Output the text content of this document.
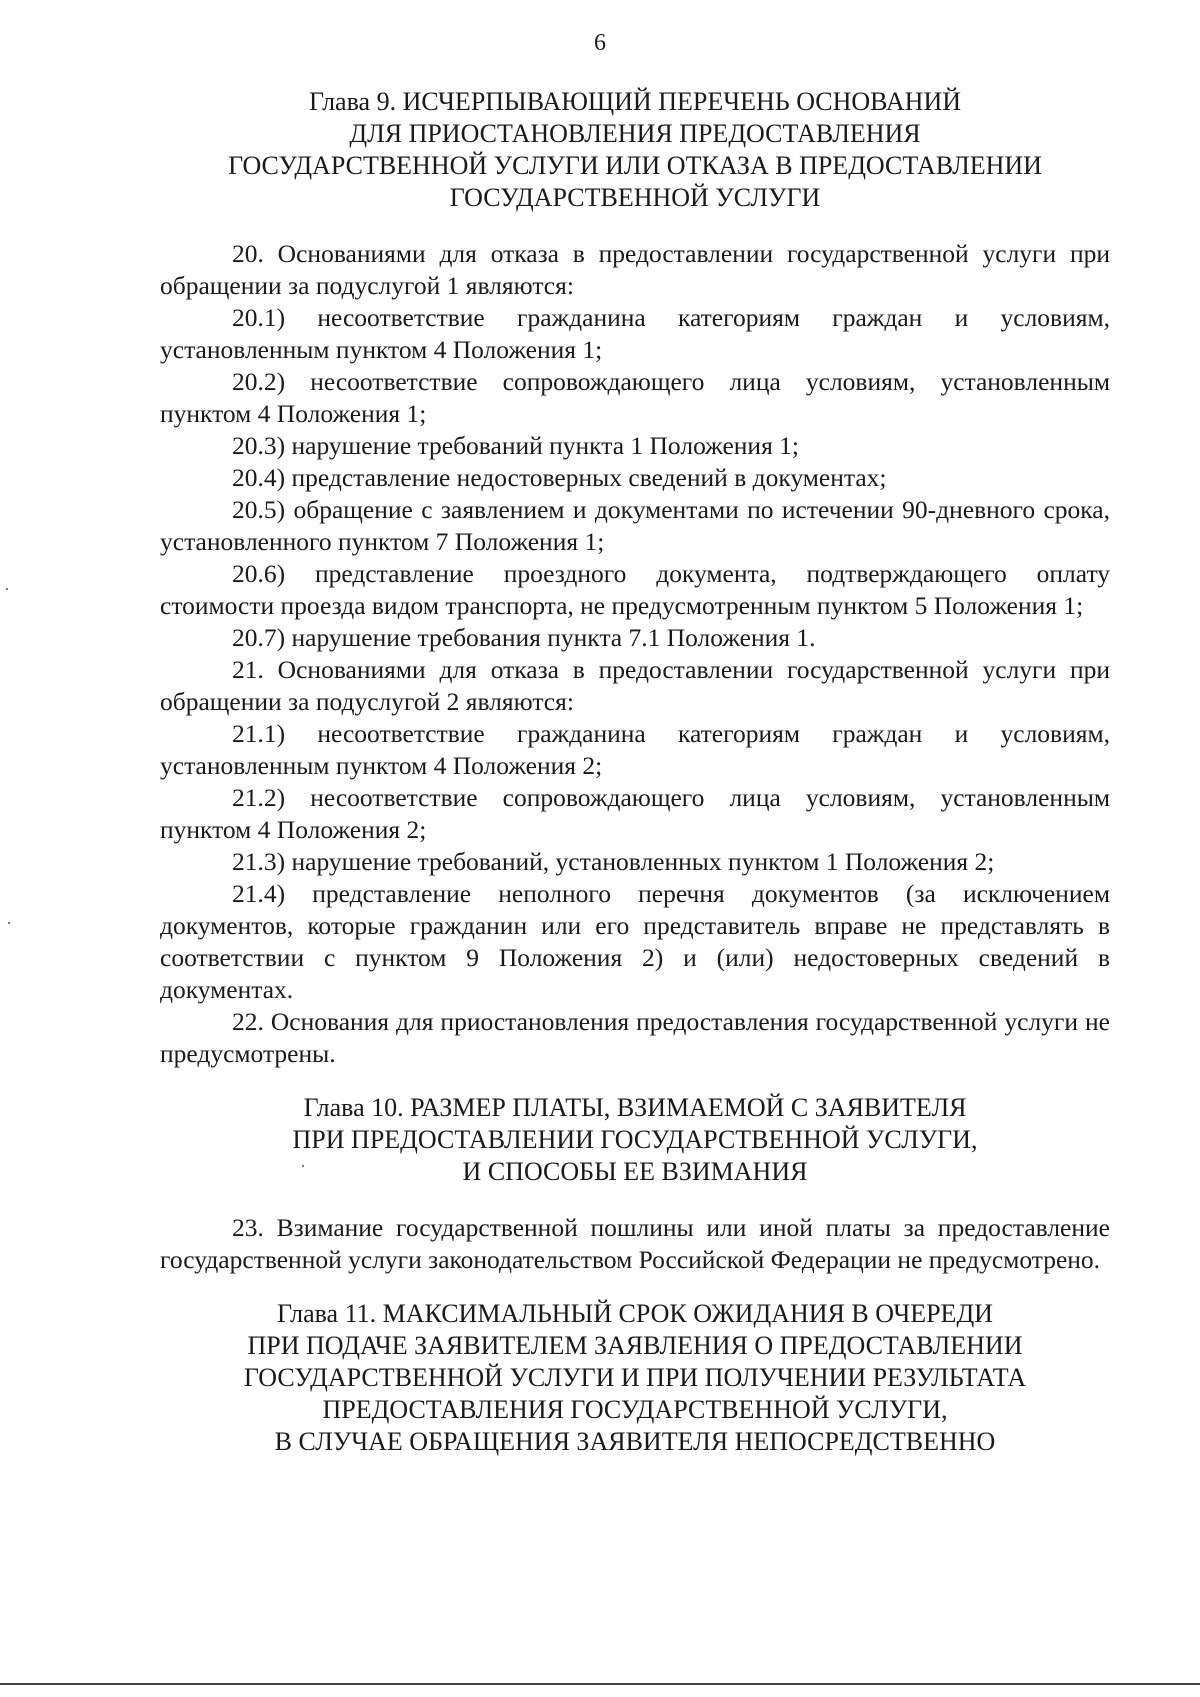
6
Глава 9. ИСЧЕРПЫВАЮЩИЙ ПЕРЕЧЕНЬ ОСНОВАНИЙ
ДЛЯ ПРИОСТАНОВЛЕНИЯ ПРЕДОСТАВЛЕНИЯ
ГОСУДАРСТВЕННОЙ УСЛУГИ ИЛИ ОТКАЗА В ПРЕДОСТАВЛЕНИИ
ГОСУДАРСТВЕННОЙ УСЛУГИ

20. Основаниями для отказа в предоставлении государственной услуги при обращении за подуслугой 1 являются:

20.1) несоответствие гражданина категориям граждан и условиям, установленным пунктом 4 Положения 1;

20.2) несоответствие сопровождающего лица условиям, установленным пунктом 4 Положения 1;

20.3) нарушение требований пункта 1 Положения 1;

20.4) представление недостоверных сведений в документах;

20.5) обращение с заявлением и документами по истечении 90-дневного срока, установленного пунктом 7 Положения 1;

20.6) представление проездного документа, подтверждающего оплату стоимости проезда видом транспорта, не предусмотренным пунктом 5 Положения 1;

20.7) нарушение требования пункта 7.1 Положения 1.

21. Основаниями для отказа в предоставлении государственной услуги при обращении за подуслугой 2 являются:

21.1) несоответствие гражданина категориям граждан и условиям, установленным пунктом 4 Положения 2;

21.2) несоответствие сопровождающего лица условиям, установленным пунктом 4 Положения 2;

21.3) нарушение требований, установленных пунктом 1 Положения 2;

21.4) представление неполного перечня документов (за исключением документов, которые гражданин или его представитель вправе не представлять в соответствии с пунктом 9 Положения 2) и (или) недостоверных сведений в документах.

22. Основания для приостановления предоставления государственной услуги не предусмотрены.

Глава 10. РАЗМЕР ПЛАТЫ, ВЗИМАЕМОЙ С ЗАЯВИТЕЛЯ
ПРИ ПРЕДОСТАВЛЕНИИ ГОСУДАРСТВЕННОЙ УСЛУГИ,
И СПОСОБЫ ЕЕ ВЗИМАНИЯ

23. Взимание государственной пошлины или иной платы за предоставление государственной услуги законодательством Российской Федерации не предусмотрено.

Глава 11. МАКСИМАЛЬНЫЙ СРОК ОЖИДАНИЯ В ОЧЕРЕДИ
ПРИ ПОДАЧЕ ЗАЯВИТЕЛЕМ ЗАЯВЛЕНИЯ О ПРЕДОСТАВЛЕНИИ
ГОСУДАРСТВЕННОЙ УСЛУГИ И ПРИ ПОЛУЧЕНИИ РЕЗУЛЬТАТА
ПРЕДОСТАВЛЕНИЯ ГОСУДАРСТВЕННОЙ УСЛУГИ,
В СЛУЧАЕ ОБРАЩЕНИЯ ЗАЯВИТЕЛЯ НЕПОСРЕДСТВЕННО
